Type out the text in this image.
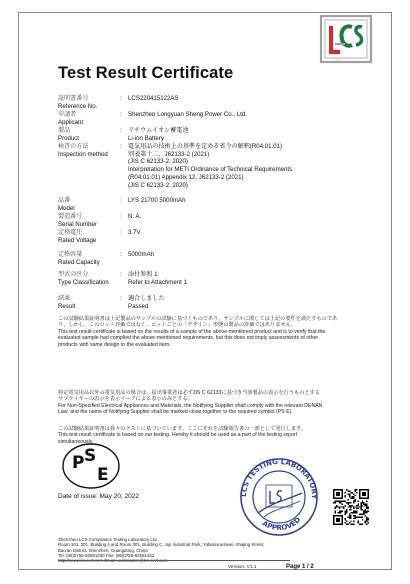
Test Result Certificate
証明書番号
Reference No.
: LCS220415122AS
申請者
Applicant
: Shenzhen Longyuan Sheng Power Co., Ltd.
製品
Product
: リチウムイオン蓄電池
Li-ion Battery
検査の方法
Inspection method
: 電気用品の技術上の基準を定める省令の解釈(R04.01.01)
別表第十二、J62133-2 (2021)
(JIS C 62133-2: 2020)
Interpretation for METI Ordinance of Technical Requirements
(R04.01.01) Appendix 12, J62133-2 (2021)
(JIS C 62133-2: 2020)
品番
Model
: LYS 21700 5000mAh
製造番号
Serial Number
: N. A.
定格電圧
Rated Voltage
: 3.7V
定格容量
Rated Capacity
: 5000mAh
型式の区分
Type Classification
: 添付参照 1
Refer to Attachment 1
結果
Result
: 適合しました
Passed
この試験結果証明書は上記製品のサンプルの試験に基づくものであり、サンプルに関しては上記の要件を満たすものであ
り、しかし、このロット評価ではなく、ロットごとの「デザイン」形態の製品の評価ではありません。
This test result certificate is based on the results of a sample of the above-mentioned product and is to verify that the
evaluated sample had complied the above-mentioned requirements, but this does not imply assessments of other
products with same design to the evaluated item.
P S
E
特定電気用品以外の電気用品の場合は、届出事業者は必ずJIS C 62133に基づき当該製品の表示を行うものとする
サプライヤーの表示を表示マークによる表示のみとする。
For Non-Specified Electrical Appliances and Materials, the Notifying Supplier shall comply with the relevant DENAN
Law, and the name of Notifying Supplier shall be marked close together to the required symbol (PS E).
この試験結果証明書は我々のテストに基づいています。ここにそれを試験報告書の一部として発行します。
This test result certificate is based on our testing. Hereby it should be used as a part of the testing report
simultaneously.
LCS TESTING LABORATORY
APPROVED
Date of issue: May 20, 2022
Shenzhen LCS Compliance Testing Laboratory Ltd.
Room 101, 201, Building A and Room 301, Building C, Juji Industrial Park, Yabianxueziwei, Shajing Street,
Bao'an District, Shenzhen, Guangdong, China
Tel: (86)0755-82591330 Fax: (86)0755-82591332
http://www.lcs-cert.com Email: webmaster@lcs-cert.com
Version: V1.1	Page 1 / 2
